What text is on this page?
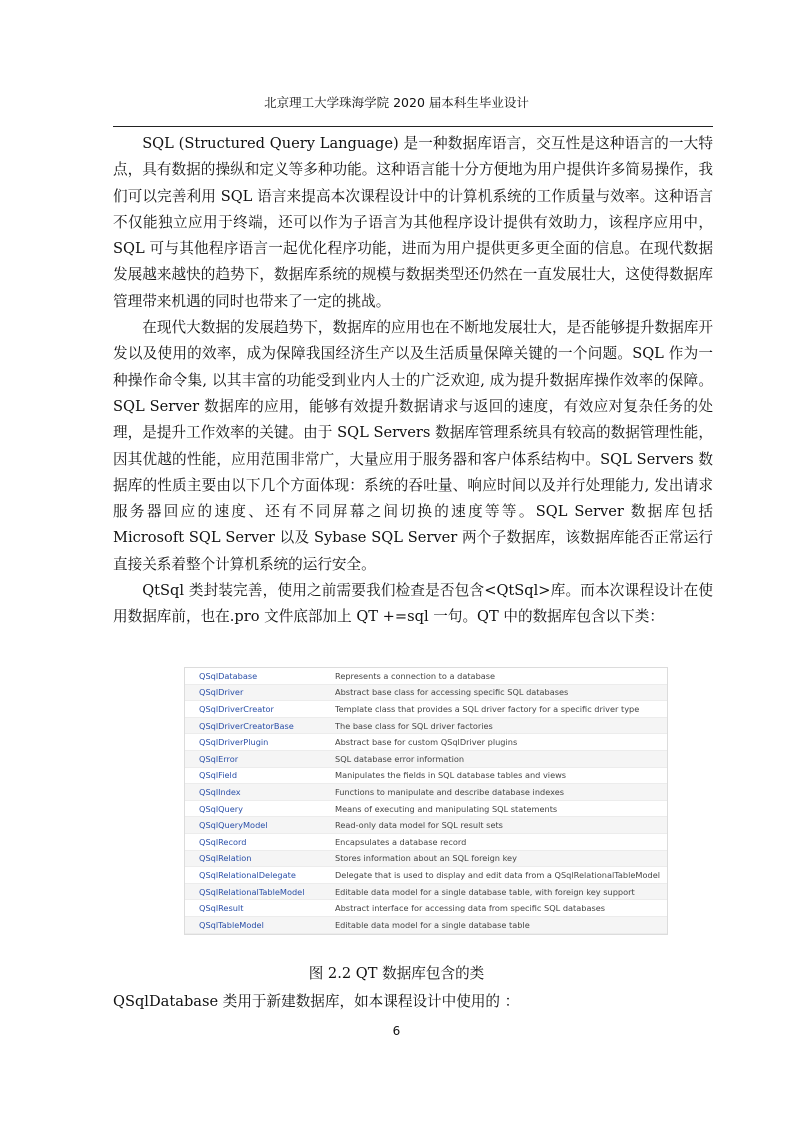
北京理工大学珠海学院 2020 届本科生毕业设计

SQL (Structured Query Language) 是一种数据库语言，交互性是这种语言的一大特点，具有数据的操纵和定义等多种功能。这种语言能十分方便地为用户提供许多简易操作，我们可以完善利用 SQL 语言来提高本次课程设计中的计算机系统的工作质量与效率。这种语言不仅能独立应用于终端，还可以作为子语言为其他程序设计提供有效助力，该程序应用中，SQL 可与其他程序语言一起优化程序功能，进而为用户提供更多更全面的信息。在现代数据发展越来越快的趋势下，数据库系统的规模与数据类型还仍然在一直发展壮大，这使得数据库管理带来机遇的同时也带来了一定的挑战。

在现代大数据的发展趋势下，数据库的应用也在不断地发展壮大，是否能够提升数据库开发以及使用的效率，成为保障我国经济生产以及生活质量保障关键的一个问题。SQL 作为一种操作命令集, 以其丰富的功能受到业内人士的广泛欢迎, 成为提升数据库操作效率的保障。SQL Server 数据库的应用，能够有效提升数据请求与返回的速度，有效应对复杂任务的处理，是提升工作效率的关键。由于 SQL Servers 数据库管理系统具有较高的数据管理性能，因其优越的性能，应用范围非常广，大量应用于服务器和客户体系结构中。SQL Servers 数据库的性质主要由以下几个方面体现：系统的吞吐量、响应时间以及并行处理能力, 发出请求服务器回应的速度、还有不同屏幕之间切换的速度等等。SQL Server 数据库包括 Microsoft SQL Server 以及 Sybase SQL Server 两个子数据库，该数据库能否正常运行直接关系着整个计算机系统的运行安全。

QtSql 类封装完善，使用之前需要我们检查是否包含<QtSql>库。而本次课程设计在使用数据库前，也在.pro 文件底部加上 QT +=sql 一句。QT 中的数据库包含以下类：

QSqlDatabase	Represents a connection to a database
QSqlDriver	Abstract base class for accessing specific SQL databases
QSqlDriverCreator	Template class that provides a SQL driver factory for a specific driver type
QSqlDriverCreatorBase	The base class for SQL driver factories
QSqlDriverPlugin	Abstract base for custom QSqlDriver plugins
QSqlError	SQL database error information
QSqlField	Manipulates the fields in SQL database tables and views
QSqlIndex	Functions to manipulate and describe database indexes
QSqlQuery	Means of executing and manipulating SQL statements
QSqlQueryModel	Read-only data model for SQL result sets
QSqlRecord	Encapsulates a database record
QSqlRelation	Stores information about an SQL foreign key
QSqlRelationalDelegate	Delegate that is used to display and edit data from a QSqlRelationalTableModel
QSqlRelationalTableModel	Editable data model for a single database table, with foreign key support
QSqlResult	Abstract interface for accessing data from specific SQL databases
QSqlTableModel	Editable data model for a single database table
图 2.2 QT 数据库包含的类
QSqlDatabase 类用于新建数据库，如本课程设计中使用的 ：
6
